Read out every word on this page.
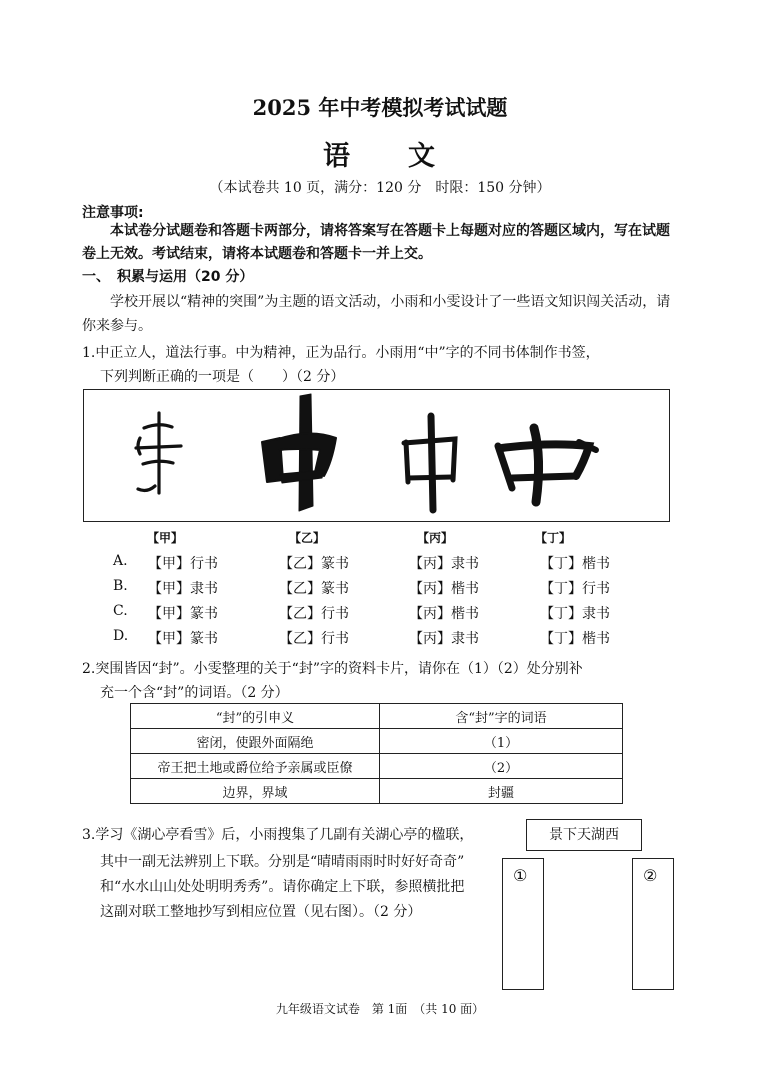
2025 年中考模拟考试试题
语 文
（本试卷共 10 页，满分：120 分　时限：150 分钟）
注意事项:
本试卷分试题卷和答题卡两部分，请将答案写在答题卡上每题对应的答题区域内，写在试题卷上无效。考试结束，请将本试题卷和答题卡一并上交。
一、　积累与运用（20 分）
学校开展以“精神的突围”为主题的语文活动，小雨和小雯设计了一些语文知识闯关活动，请你来参与。
1.中正立人，道法行事。中为精神，正为品行。小雨用“中”字的不同书体制作书签，
下列判断正确的一项是（　　）（2 分）
【甲】	【乙】	【丙】	【丁】
A. 【甲】行书	【乙】篆书	【丙】隶书	【丁】楷书
B. 【甲】隶书	【乙】篆书	【丙】楷书	【丁】行书
C. 【甲】篆书	【乙】行书	【丙】楷书	【丁】隶书
D. 【甲】篆书	【乙】行书	【丙】隶书	【丁】楷书
2.突围皆因“封”。小雯整理的关于“封”字的资料卡片，请你在（1）（2）处分别补
充一个含“封”的词语。（2 分）
“封”的引申义	含“封”字的词语
密闭，使跟外面隔绝	（1）
帝王把土地或爵位给予亲属或臣僚	（2）
边界，界域	封疆
3.学习《湖心亭看雪》后，小雨搜集了几副有关湖心亭的楹联，
其中一副无法辨别上下联。分别是“晴晴雨雨时时好好奇奇”
和“水水山山处处明明秀秀”。请你确定上下联，参照横批把
这副对联工整地抄写到相应位置（见右图）。（2 分）
景下天湖西
①	②
九年级语文试卷　第 1面　（共 10 面）
